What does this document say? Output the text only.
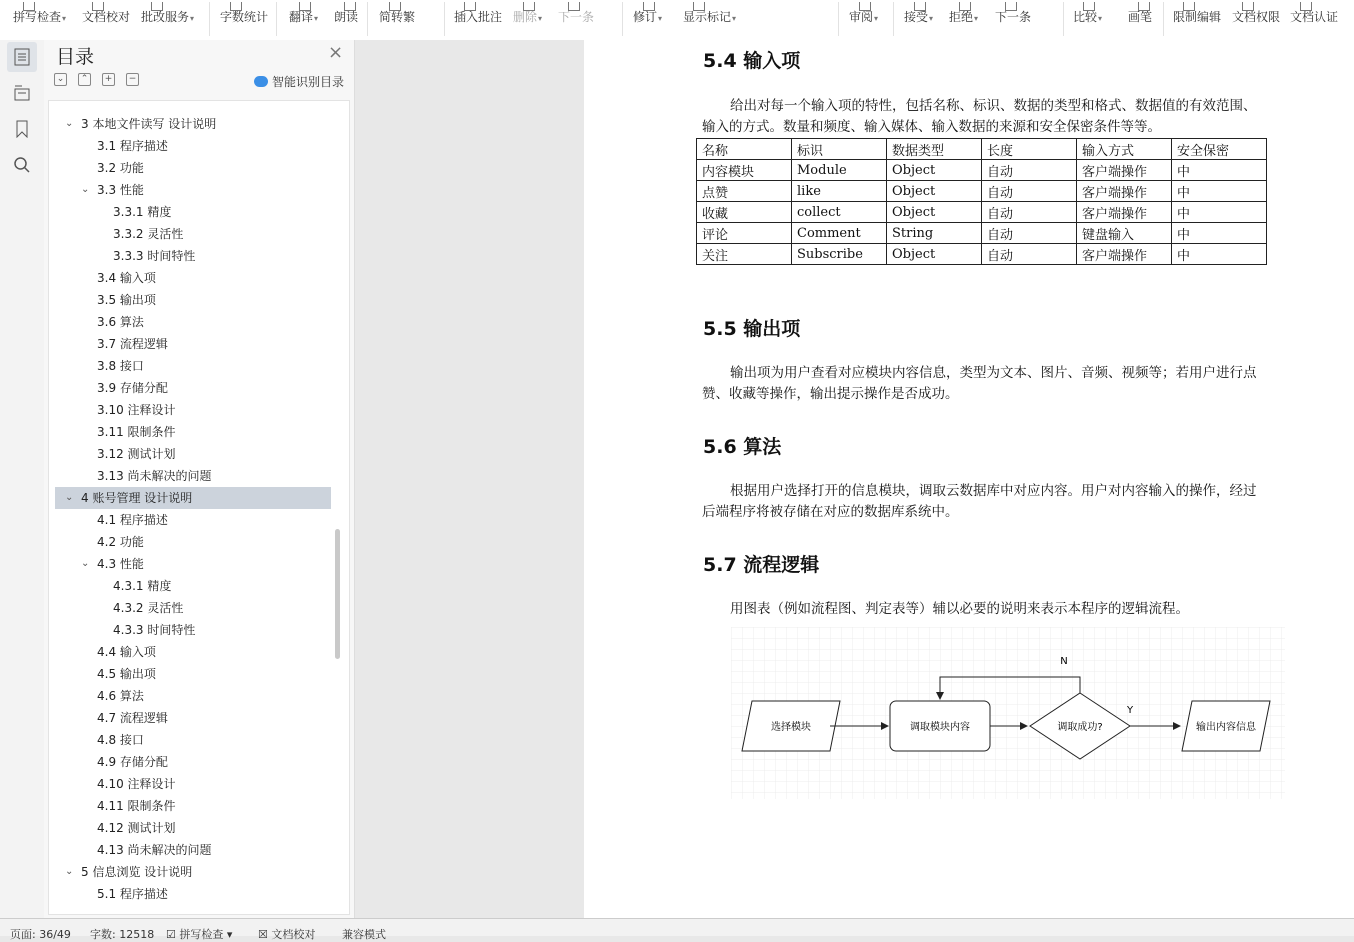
拼写检查▾ 文档校对 批改服务▾ 字数统计 翻译▾ 朗读 简转繁	插入批注 删除▾ 下一条	修订▾ 显示标记▾	审阅▾ 接受▾ 拒绝▾ 下一条	比较▾ 画笔 限制编辑 文档权限 文档认证
目录	×
⌄	⌃	+	−	智能识别目录
⌄ 3 本地文件读写 设计说明
3.1 程序描述
3.2 功能
⌄ 3.3 性能
3.3.1 精度
3.3.2 灵活性
3.3.3 时间特性
3.4 输入项
3.5 输出项
3.6 算法
3.7 流程逻辑
3.8 接口
3.9 存储分配
3.10 注释设计
3.11 限制条件
3.12 测试计划
3.13 尚未解决的问题
⌄ 4 账号管理 设计说明
4.1 程序描述
4.2 功能
⌄ 4.3 性能
4.3.1 精度
4.3.2 灵活性
4.3.3 时间特性
4.4 输入项
4.5 输出项
4.6 算法
4.7 流程逻辑
4.8 接口
4.9 存储分配
4.10 注释设计
4.11 限制条件
4.12 测试计划
4.13 尚未解决的问题
⌄ 5 信息浏览 设计说明
5.1 程序描述
5.4 输入项
给出对每一个输入项的特性，包括名称、标识、数据的类型和格式、数据值的有效范围、输入的方式。数量和频度、输入媒体、输入数据的来源和安全保密条件等等。
名称	标识	数据类型	长度	输入方式	安全保密
内容模块	Module	Object	自动	客户端操作	中
点赞	like	Object	自动	客户端操作	中
收藏	collect	Object	自动	客户端操作	中
评论	Comment	String	自动	键盘输入	中
关注	Subscribe	Object	自动	客户端操作	中
5.5 输出项
输出项为用户查看对应模块内容信息，类型为文本、图片、音频、视频等；若用户进行点赞、收藏等操作，输出提示操作是否成功。
5.6 算法
根据用户选择打开的信息模块，调取云数据库中对应内容。用户对内容输入的操作，经过后端程序将被存储在对应的数据库系统中。
5.7 流程逻辑
用图表（例如流程图、判定表等）辅以必要的说明来表示本程序的逻辑流程。
选择模块	调取模块内容	调取成功?
N
Y
输出内容信息
页面: 36/49 字数: 12518 ☑ 拼写检查 ▾ ☒ 文档校对 兼容模式
